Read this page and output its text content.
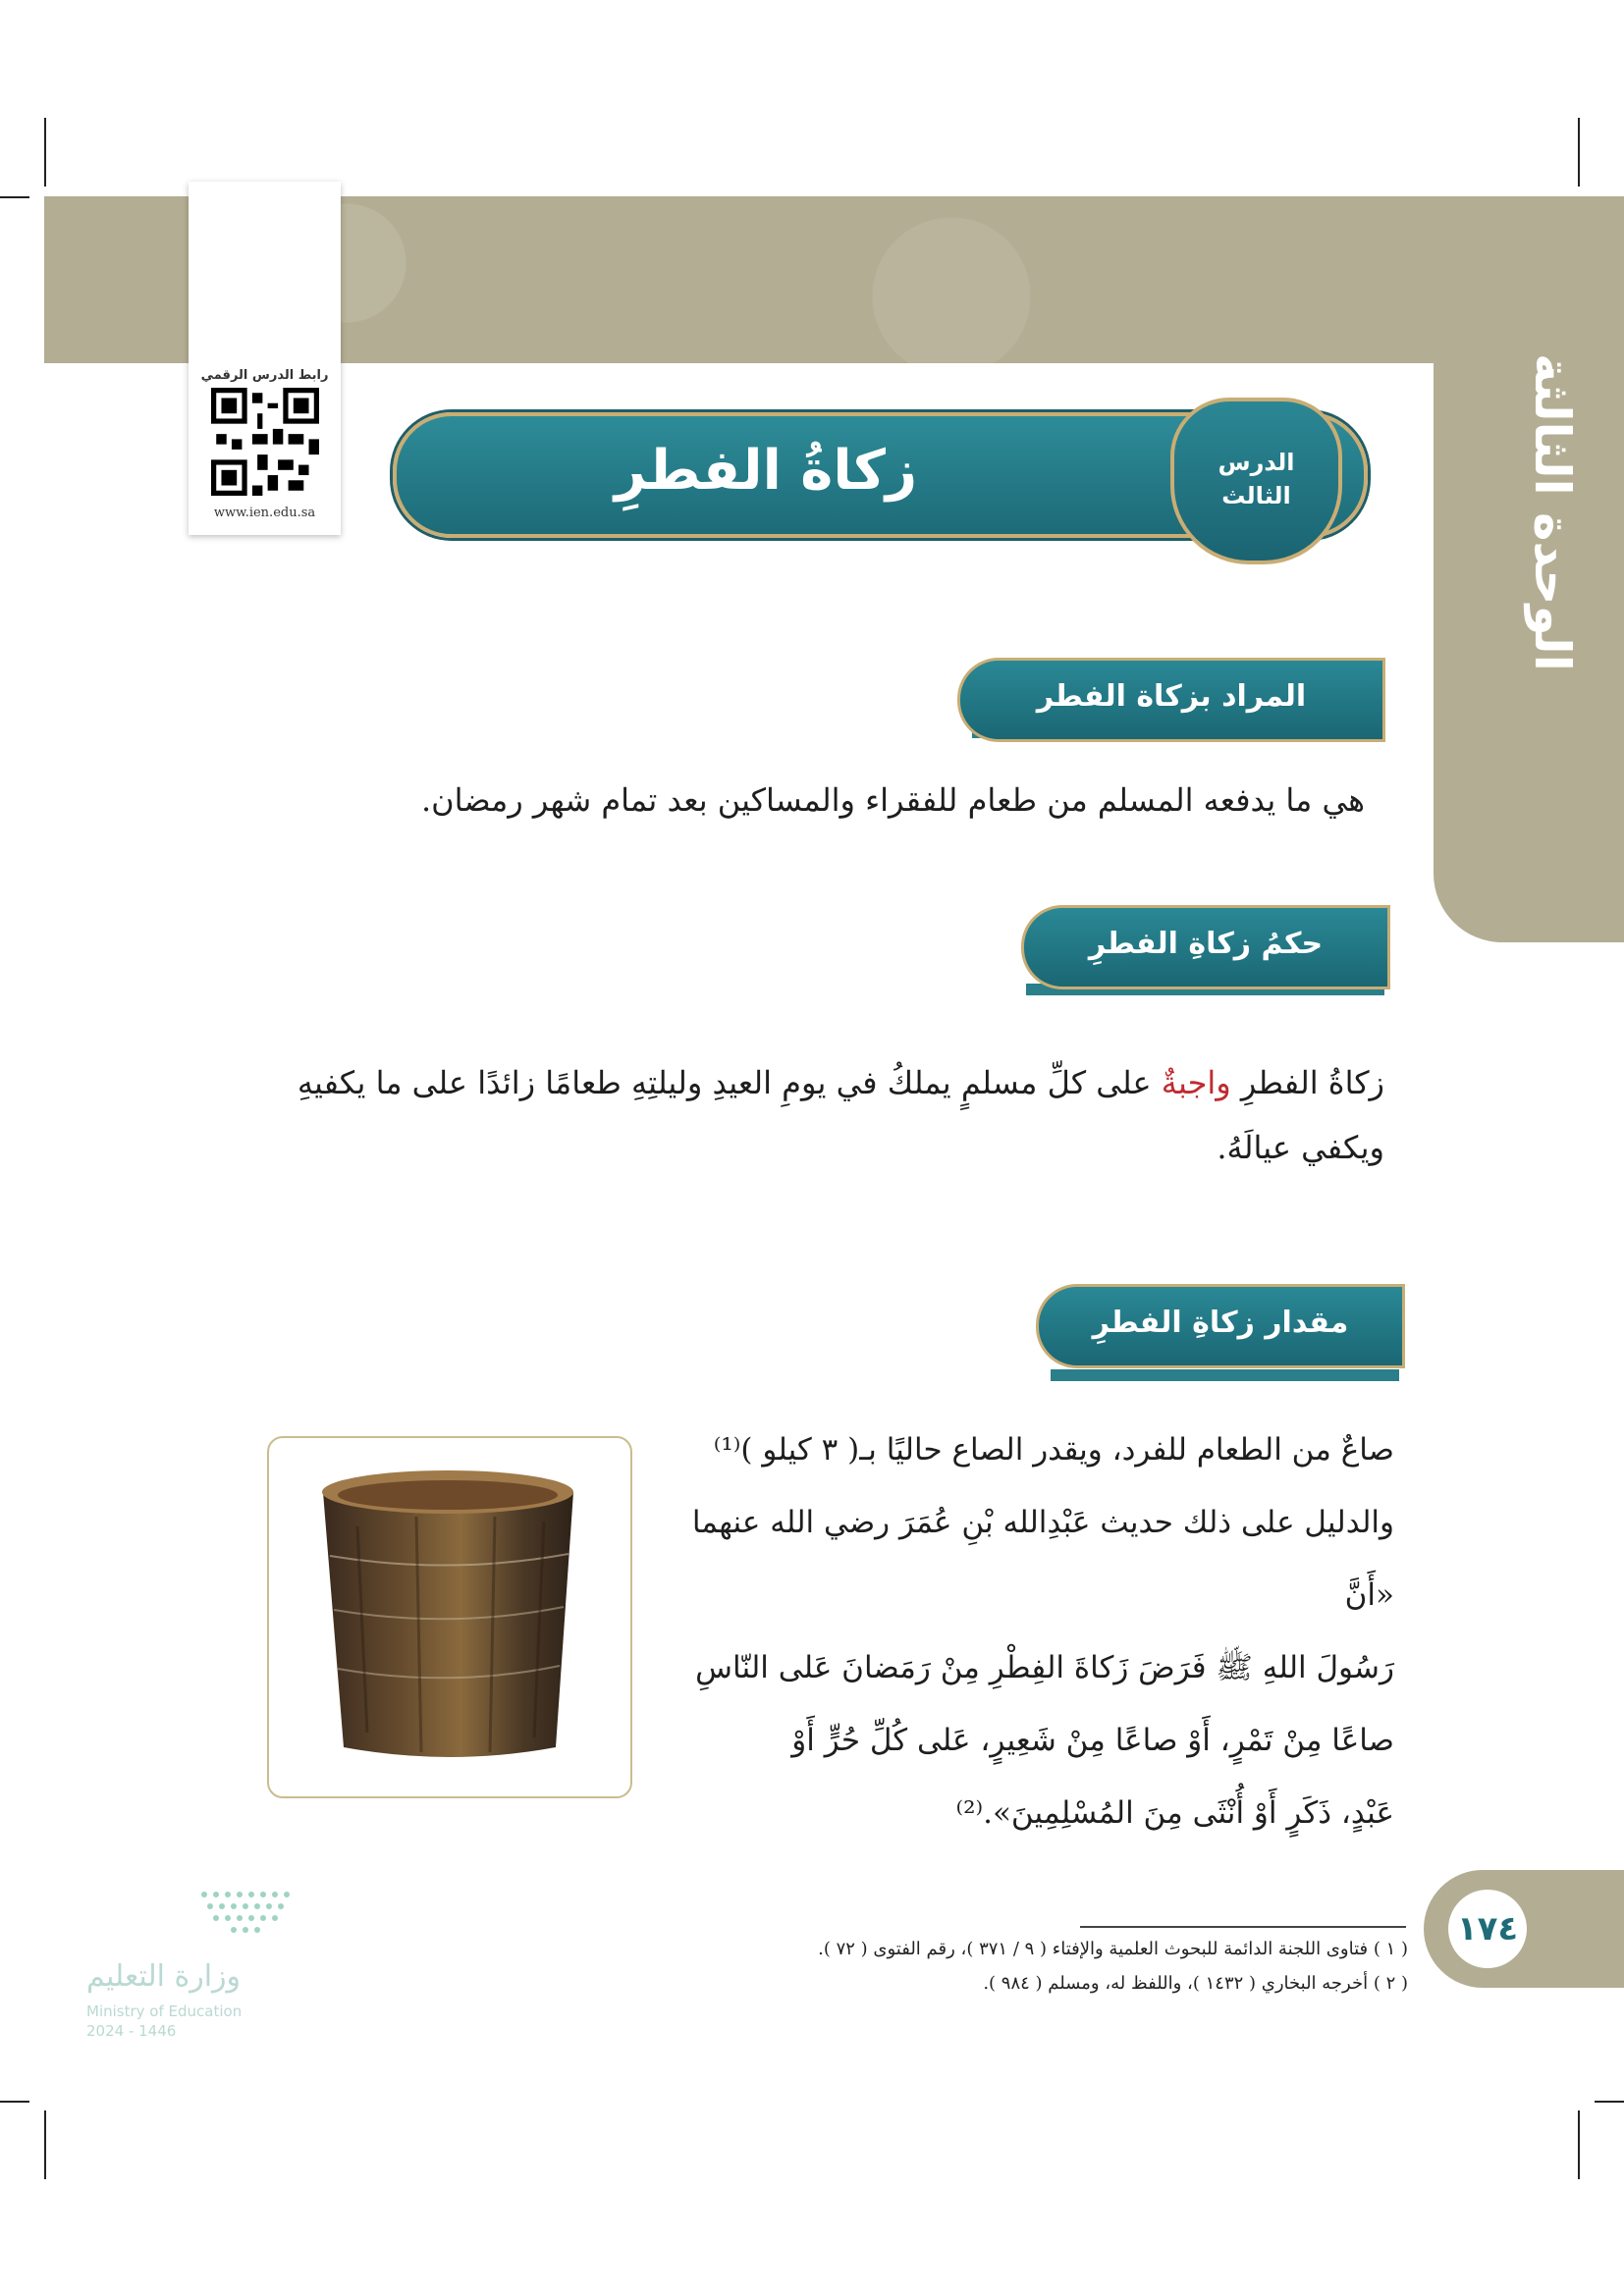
الوحدة الثالثة
رابط الدرس الرقمي
www.ien.edu.sa
زكاةُ الفطرِ	الدرس
الثالث
المراد بزكاة الفطر
هي ما يدفعه المسلم من طعام للفقراء والمساكين بعد تمام شهر رمضان.
حكمُ زكاةِ الفطرِ
زكاةُ الفطرِ واجبةٌ على كلِّ مسلمٍ يملكُ في يومِ العيدِ وليلتِهِ طعامًا زائدًا على ما يكفيهِ ويكفي عيالَهُ.
مقدار زكاةِ الفطرِ
صاعٌ من الطعام للفرد، ويقدر الصاع حاليًا بـ( ٣ كيلو )⁽¹⁾
والدليل على ذلك حديث عَبْدِالله بْنِ عُمَرَ رضي الله عنهما «أَنَّ
رَسُولَ اللهِ ﷺ فَرَضَ زَكاةَ الفِطْرِ مِنْ رَمَضانَ عَلى النّاسِ
صاعًا مِنْ تَمْرٍ، أَوْ صاعًا مِنْ شَعِيرٍ، عَلى كُلِّ حُرٍّ أَوْ
عَبْدٍ، ذَكَرٍ أَوْ أُنْثَى مِنَ المُسْلِمِينَ».⁽²⁾
١٧٤
( ١ ) فتاوى اللجنة الدائمة للبحوث العلمية والإفتاء ( ٩ / ٣٧١ )، رقم الفتوى ( ٧٢ ).
( ٢ ) أخرجه البخاري ( ١٤٣٢ )، واللفظ له، ومسلم ( ٩٨٤ ).
وزارة التعليم
Ministry of Education
2024 - 1446
